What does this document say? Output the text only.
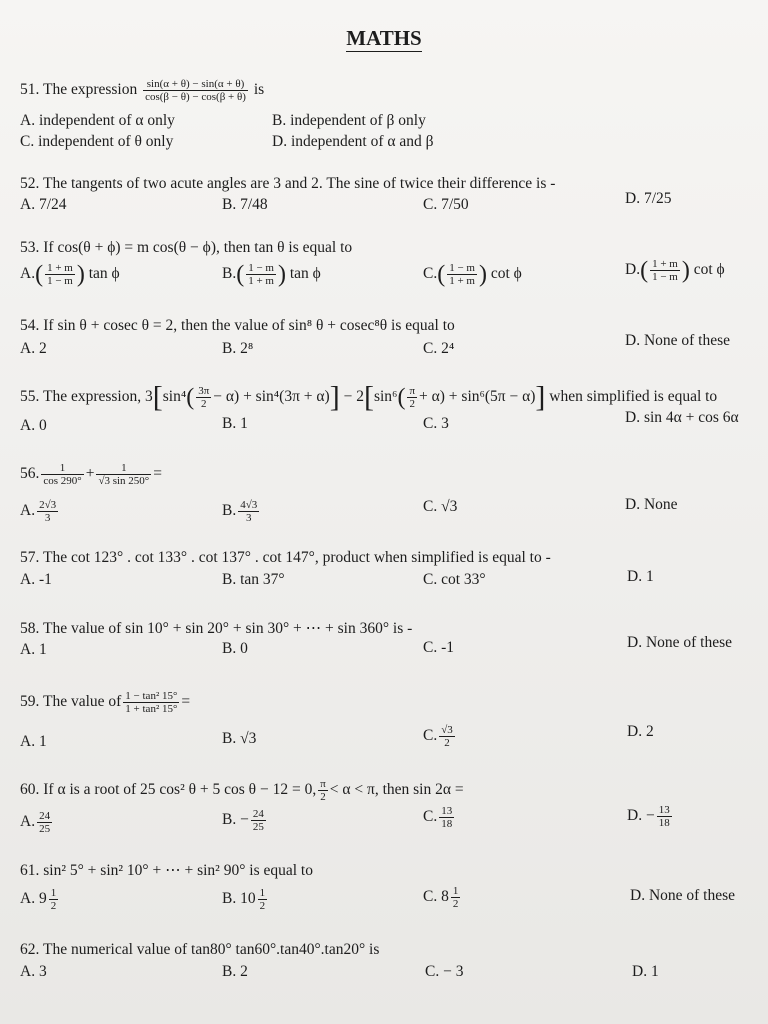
MATHS
51. The expression $\frac{\sin(\alpha + \theta) - \sin(\alpha + \theta)}{\cos(\beta - \theta) - \cos(\beta + \theta)}$ is
A. independent of α only	B. independent of β only
C. independent of θ only	D. independent of α and β
52. The tangents of two acute angles are 3 and 2. The sine of twice their difference is -
A. 7/24	B. 7/48	C. 7/50	D. 7/25
53. If cos(θ + ϕ) = m cos(θ − ϕ), then tan θ is equal to
$A.( \frac{1 + m}{1 - m}$ ) tan ϕ	$B.( \frac{1 - m}{1 + m}$ ) tan ϕ	$C.( \frac{1 - m}{1 + m}$ ) cot ϕ	$D.( \frac{1 + m}{1 - m}$ ) cot ϕ
54. If sin θ + cosec θ = 2, then the value of sin⁸ θ + cosec⁸θ is equal to
A. 2	B. 2⁸	C. 2⁴	D. None of these
55. The expression, $3[\sin^4( \frac{3\pi}{2} - \alpha) + \sin^4(3\pi + \alpha)] - 2[\sin^6( \frac{\pi}{2} + \alpha) + \sin^6(5\pi - \alpha)]$ when simplified is equal to
A. 0	B. 1	C. 3	D. sin 4α + cos 6α
56. $\frac{1}{\cos 290^\circ} + \frac{1}{√3 \sin 250^\circ}$ =
A. $\frac{2√3}{3}$	B. $\frac{4√3}{3}$	C. √3	D. None
57. The cot 123° . cot 133° . cot 137° . cot 147°, product when simplified is equal to -
A. -1	B. tan 37°	C. cot 33°	D. 1
58. The value of sin 10° + sin 20° + sin 30° + ⋯ + sin 360° is -
A. 1	B. 0	C. -1	D. None of these
59. The value of $\frac{\text{1 − tan² 15°}}{\text{1 + tan² 15°}}$ =
A. 1	B. √3	C. $\frac{√3}{2}$	D. 2
60. If α is a root of 25 cos² θ + 5 cos θ − 12 = 0, $\frac{\pi}{2} < \alpha < \pi$, then sin 2α =
A. $\frac{24}{25}$	B. − $\frac{24}{25}$	C. $\frac{13}{18}$	D. − $\frac{13}{18}$
61. sin² 5° + sin² 10° + ⋯ + sin² 90° is equal to
A. $9 \frac{1}{2}$	B. $10 \frac{1}{2}$	C. $8 \frac{1}{2}$	D. None of these
62. The numerical value of tan80° tan60°.tan40°.tan20° is
A. 3	B. 2	C. − 3	D. 1
